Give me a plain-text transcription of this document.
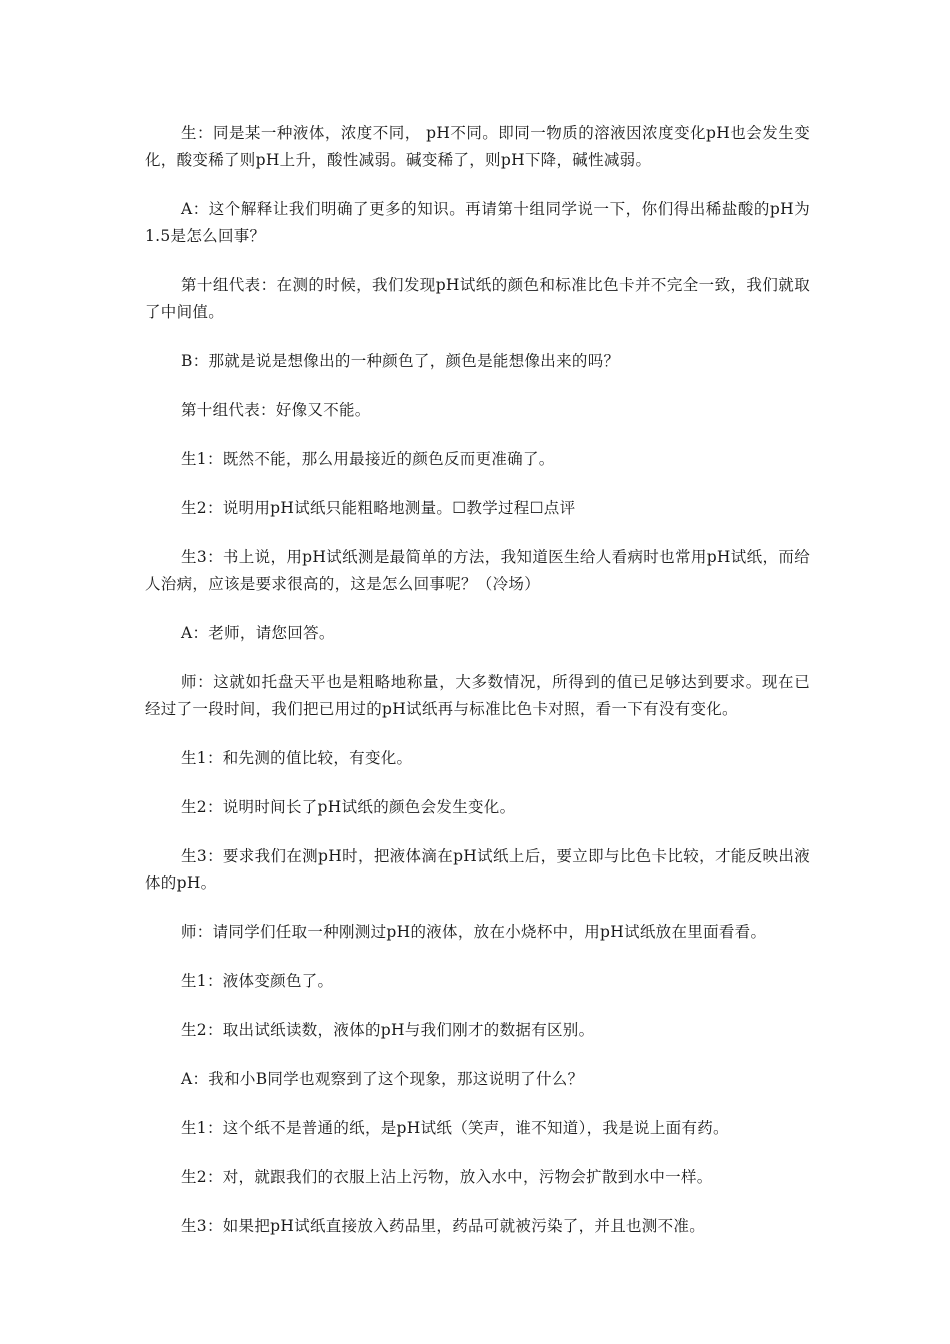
生：同是某一种液体，浓度不同， pH不同。即同一物质的溶液因浓度变化pH也会发生变化，酸变稀了则pH上升，酸性减弱。碱变稀了，则pH下降，碱性减弱。

A：这个解释让我们明确了更多的知识。再请第十组同学说一下，你们得出稀盐酸的pH为1.5是怎么回事？

第十组代表：在测的时候，我们发现pH试纸的颜色和标准比色卡并不完全一致，我们就取了中间值。

B：那就是说是想像出的一种颜色了，颜色是能想像出来的吗？

第十组代表：好像又不能。

生1：既然不能，那么用最接近的颜色反而更准确了。

生2：说明用pH试纸只能粗略地测量。☐教学过程☐点评

生3：书上说，用pH试纸测是最简单的方法，我知道医生给人看病时也常用pH试纸，而给人治病，应该是要求很高的，这是怎么回事呢？（冷场）

A：老师，请您回答。

师：这就如托盘天平也是粗略地称量，大多数情况，所得到的值已足够达到要求。现在已经过了一段时间，我们把已用过的pH试纸再与标准比色卡对照，看一下有没有变化。

生1：和先测的值比较，有变化。

生2：说明时间长了pH试纸的颜色会发生变化。

生3：要求我们在测pH时，把液体滴在pH试纸上后，要立即与比色卡比较，才能反映出液体的pH。

师：请同学们任取一种刚测过pH的液体，放在小烧杯中，用pH试纸放在里面看看。

生1：液体变颜色了。

生2：取出试纸读数，液体的pH与我们刚才的数据有区别。

A：我和小B同学也观察到了这个现象，那这说明了什么？

生1：这个纸不是普通的纸，是pH试纸（笑声，谁不知道），我是说上面有药。

生2：对，就跟我们的衣服上沾上污物，放入水中，污物会扩散到水中一样。

生3：如果把pH试纸直接放入药品里，药品可就被污染了，并且也测不准。
